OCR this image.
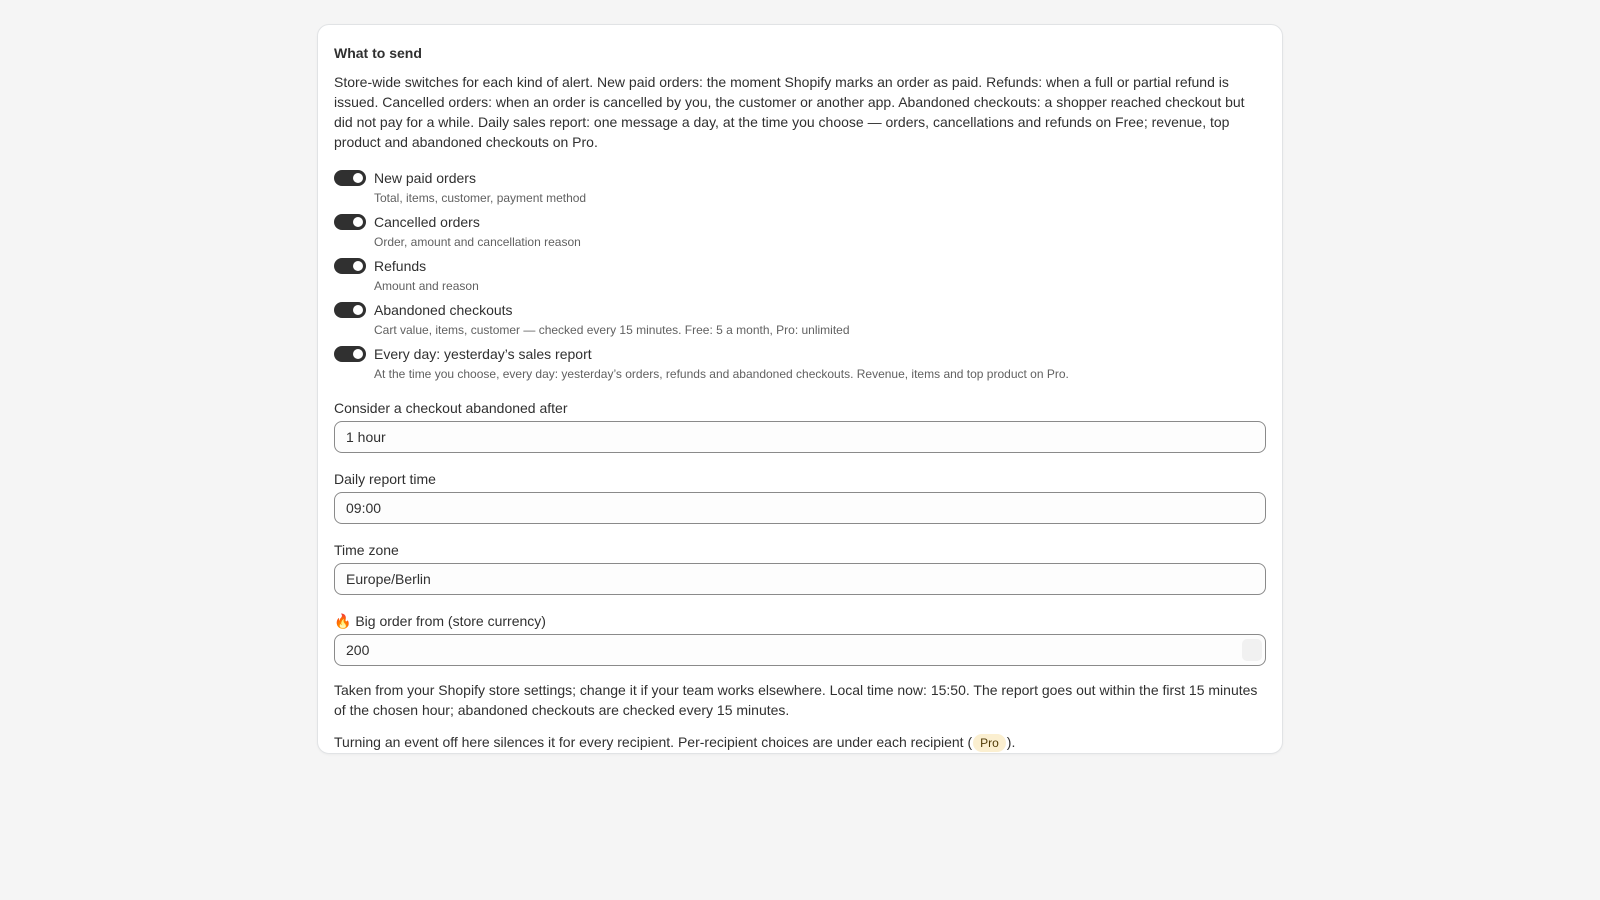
What to send

Store-wide switches for each kind of alert. New paid orders: the moment Shopify marks an order as paid. Refunds: when a full or partial refund is issued. Cancelled orders: when an order is cancelled by you, the customer or another app. Abandoned checkouts: a shopper reached checkout but did not pay for a while. Daily sales report: one message a day, at the time you choose — orders, cancellations and refunds on Free; revenue, top product and abandoned checkouts on Pro.

New paid orders
Total, items, customer, payment method
Cancelled orders
Order, amount and cancellation reason
Refunds
Amount and reason
Abandoned checkouts
Cart value, items, customer — checked every 15 minutes. Free: 5 a month, Pro: unlimited
Every day: yesterday’s sales report
At the time you choose, every day: yesterday’s orders, refunds and abandoned checkouts. Revenue, items and top product on Pro.
Consider a checkout abandoned after
1 hour
Daily report time
09:00
Time zone
Europe/Berlin
🔥 Big order from (store currency)
200

Taken from your Shopify store settings; change it if your team works elsewhere. Local time now: 15:50. The report goes out within the first 15 minutes of the chosen hour; abandoned checkouts are checked every 15 minutes.

Turning an event off here silences it for every recipient. Per-recipient choices are under each recipient ( Pro ).
